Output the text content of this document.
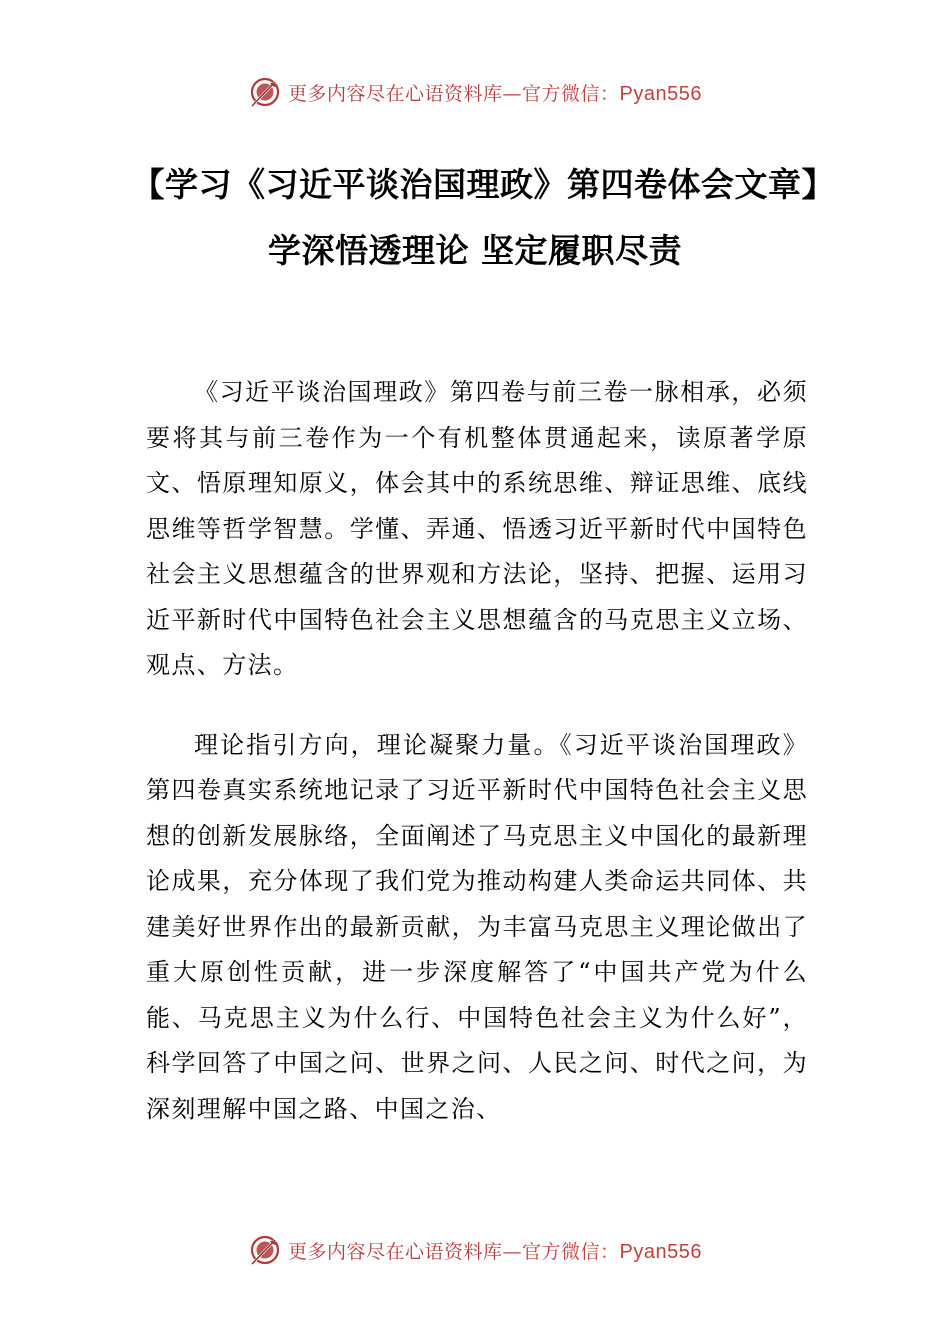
更多内容尽在心语资料库—官方微信：Pyan556
【学习《习近平谈治国理政》第四卷体会文章】学深悟透理论 坚定履职尽责

《习近平谈治国理政》第四卷与前三卷一脉相承，必须要将其与前三卷作为一个有机整体贯通起来，读原著学原文、悟原理知原义，体会其中的系统思维、辩证思维、底线思维等哲学智慧。学懂、弄通、悟透习近平新时代中国特色社会主义思想蕴含的世界观和方法论，坚持、把握、运用习近平新时代中国特色社会主义思想蕴含的马克思主义立场、观点、方法。

理论指引方向，理论凝聚力量。《习近平谈治国理政》第四卷真实系统地记录了习近平新时代中国特色社会主义思想的创新发展脉络，全面阐述了马克思主义中国化的最新理论成果，充分体现了我们党为推动构建人类命运共同体、共建美好世界作出的最新贡献，为丰富马克思主义理论做出了重大原创性贡献，进一步深度解答了“中国共产党为什么能、马克思主义为什么行、中国特色社会主义为什么好”，科学回答了中国之问、世界之问、人民之问、时代之问，为深刻理解中国之路、中国之治、

更多内容尽在心语资料库—官方微信：Pyan556
